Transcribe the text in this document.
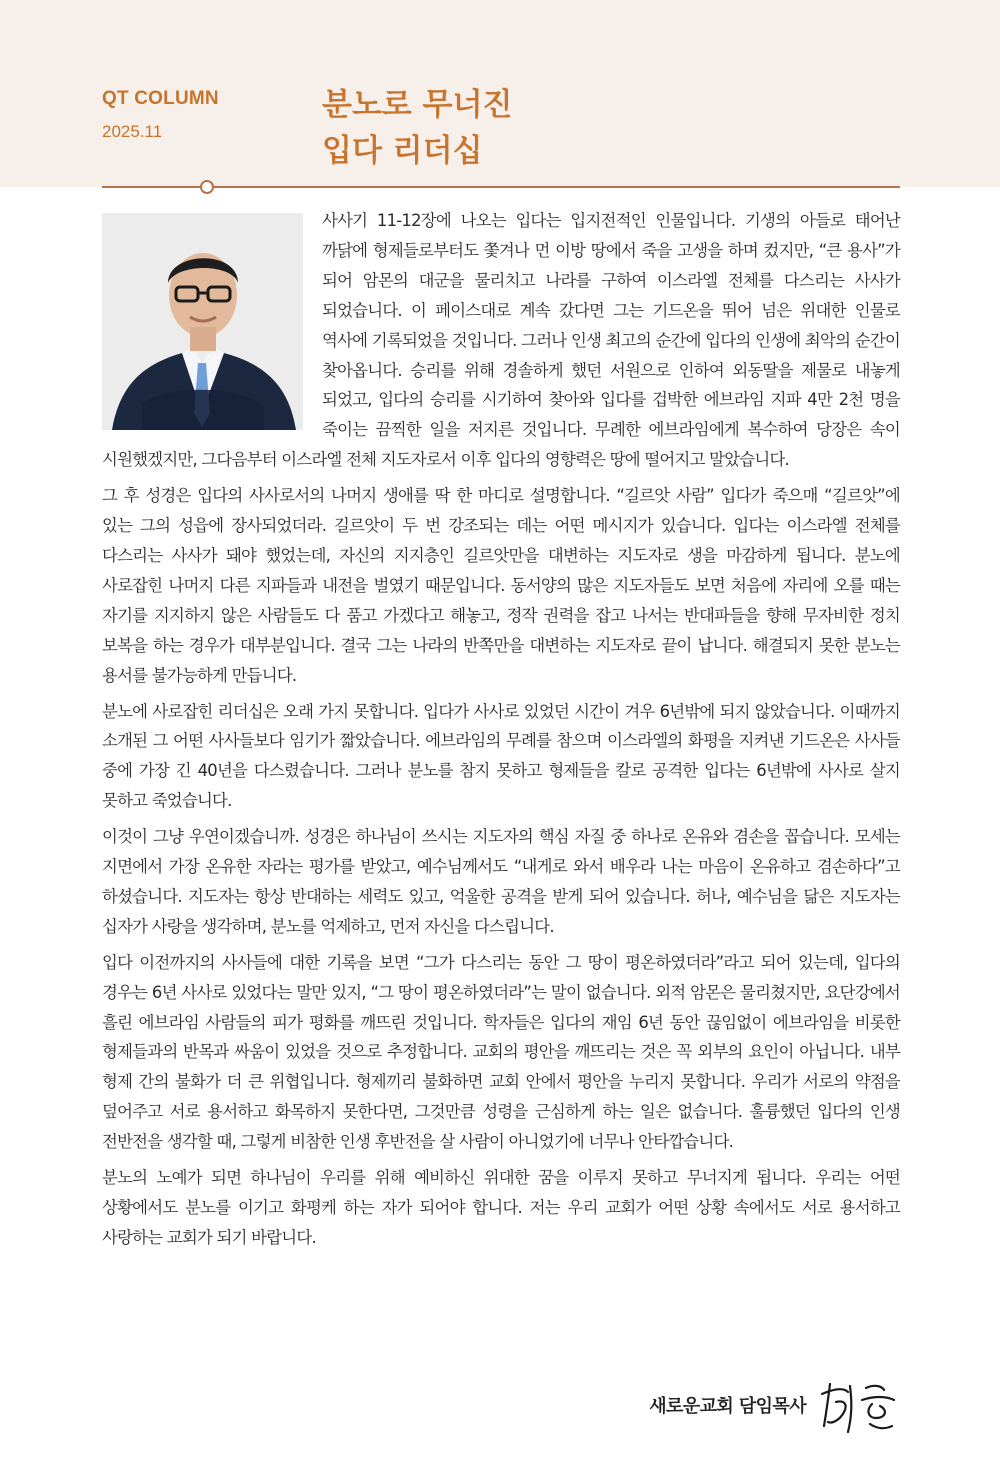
QT COLUMN
2025.11
분노로 무너진
입다 리더십

사사기 11-12장에 나오는 입다는 입지전적인 인물입니다. 기생의 아들로 태어난 까닭에 형제들로부터도 쫓겨나 먼 이방 땅에서 죽을 고생을 하며 컸지만, “큰 용사”가 되어 암몬의 대군을 물리치고 나라를 구하여 이스라엘 전체를 다스리는 사사가 되었습니다. 이 페이스대로 계속 갔다면 그는 기드온을 뛰어 넘은 위대한 인물로 역사에 기록되었을 것입니다. 그러나 인생 최고의 순간에 입다의 인생에 최악의 순간이 찾아옵니다. 승리를 위해 경솔하게 했던 서원으로 인하여 외동딸을 제물로 내놓게 되었고, 입다의 승리를 시기하여 찾아와 입다를 겁박한 에브라임 지파 4만 2천 명을 죽이는 끔찍한 일을 저지른 것입니다. 무례한 에브라임에게 복수하여 당장은 속이 시원했겠지만, 그다음부터 이스라엘 전체 지도자로서 이후 입다의 영향력은 땅에 떨어지고 말았습니다.

그 후 성경은 입다의 사사로서의 나머지 생애를 딱 한 마디로 설명합니다. “길르앗 사람” 입다가 죽으매 “길르앗”에 있는 그의 성읍에 장사되었더라. 길르앗이 두 번 강조되는 데는 어떤 메시지가 있습니다. 입다는 이스라엘 전체를 다스리는 사사가 돼야 했었는데, 자신의 지지층인 길르앗만을 대변하는 지도자로 생을 마감하게 됩니다. 분노에 사로잡힌 나머지 다른 지파들과 내전을 벌였기 때문입니다. 동서양의 많은 지도자들도 보면 처음에 자리에 오를 때는 자기를 지지하지 않은 사람들도 다 품고 가겠다고 해놓고, 정작 권력을 잡고 나서는 반대파들을 향해 무자비한 정치 보복을 하는 경우가 대부분입니다. 결국 그는 나라의 반쪽만을 대변하는 지도자로 끝이 납니다. 해결되지 못한 분노는 용서를 불가능하게 만듭니다.

분노에 사로잡힌 리더십은 오래 가지 못합니다. 입다가 사사로 있었던 시간이 겨우 6년밖에 되지 않았습니다. 이때까지 소개된 그 어떤 사사들보다 임기가 짧았습니다. 에브라임의 무례를 참으며 이스라엘의 화평을 지켜낸 기드온은 사사들 중에 가장 긴 40년을 다스렸습니다. 그러나 분노를 참지 못하고 형제들을 칼로 공격한 입다는 6년밖에 사사로 살지 못하고 죽었습니다.

이것이 그냥 우연이겠습니까. 성경은 하나님이 쓰시는 지도자의 핵심 자질 중 하나로 온유와 겸손을 꼽습니다. 모세는 지면에서 가장 온유한 자라는 평가를 받았고, 예수님께서도 “내게로 와서 배우라 나는 마음이 온유하고 겸손하다”고 하셨습니다. 지도자는 항상 반대하는 세력도 있고, 억울한 공격을 받게 되어 있습니다. 허나, 예수님을 닮은 지도자는 십자가 사랑을 생각하며, 분노를 억제하고, 먼저 자신을 다스립니다.

입다 이전까지의 사사들에 대한 기록을 보면 “그가 다스리는 동안 그 땅이 평온하였더라”라고 되어 있는데, 입다의 경우는 6년 사사로 있었다는 말만 있지, “그 땅이 평온하였더라”는 말이 없습니다. 외적 암몬은 물리쳤지만, 요단강에서 흘린 에브라임 사람들의 피가 평화를 깨뜨린 것입니다. 학자들은 입다의 재임 6년 동안 끊임없이 에브라임을 비롯한 형제들과의 반목과 싸움이 있었을 것으로 추정합니다. 교회의 평안을 깨뜨리는 것은 꼭 외부의 요인이 아닙니다. 내부 형제 간의 불화가 더 큰 위협입니다. 형제끼리 불화하면 교회 안에서 평안을 누리지 못합니다. 우리가 서로의 약점을 덮어주고 서로 용서하고 화목하지 못한다면, 그것만큼 성령을 근심하게 하는 일은 없습니다. 훌륭했던 입다의 인생 전반전을 생각할 때, 그렇게 비참한 인생 후반전을 살 사람이 아니었기에 너무나 안타깝습니다.

분노의 노예가 되면 하나님이 우리를 위해 예비하신 위대한 꿈을 이루지 못하고 무너지게 됩니다. 우리는 어떤 상황에서도 분노를 이기고 화평케 하는 자가 되어야 합니다. 저는 우리 교회가 어떤 상황 속에서도 서로 용서하고 사랑하는 교회가 되기 바랍니다.

새로운교회 담임목사
